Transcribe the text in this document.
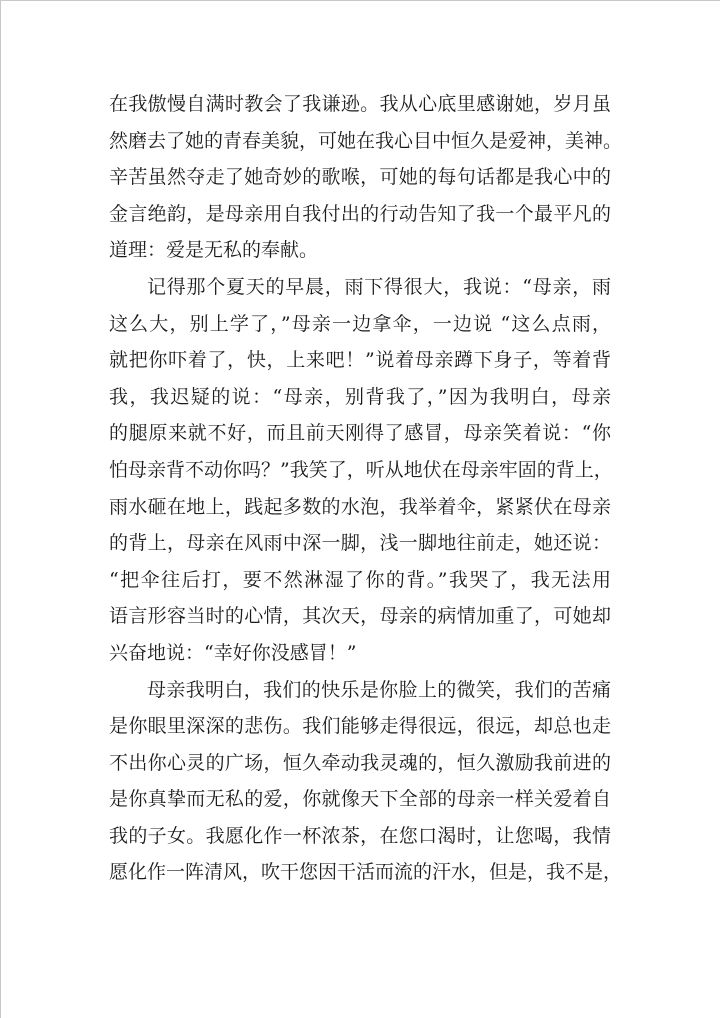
在我傲慢自满时教会了我谦逊。我从心底里感谢她，岁月虽
然磨去了她的青春美貌，可她在我心目中恒久是爱神，美神。
辛苦虽然夺走了她奇妙的歌喉，可她的每句话都是我心中的
金言绝韵，是母亲用自我付出的行动告知了我一个最平凡的
道理：爱是无私的奉献。
记得那个夏天的早晨，雨下得很大，我说：“母亲，雨
这么大，别上学了，”母亲一边拿伞，一边说 “这么点雨，
就把你吓着了，快，上来吧！”说着母亲蹲下身子，等着背
我，我迟疑的说：“母亲，别背我了，”因为我明白，母亲
的腿原来就不好，而且前天刚得了感冒，母亲笑着说：“你
怕母亲背不动你吗？”我笑了，听从地伏在母亲牢固的背上，
雨水砸在地上，践起多数的水泡，我举着伞，紧紧伏在母亲
的背上，母亲在风雨中深一脚，浅一脚地往前走，她还说：
“把伞往后打，要不然淋湿了你的背。”我哭了，我无法用
语言形容当时的心情，其次天，母亲的病情加重了，可她却
兴奋地说：“幸好你没感冒！”
母亲我明白，我们的快乐是你脸上的微笑，我们的苦痛
是你眼里深深的悲伤。我们能够走得很远，很远，却总也走
不出你心灵的广场，恒久牵动我灵魂的，恒久激励我前进的
是你真挚而无私的爱，你就像天下全部的母亲一样关爱着自
我的子女。我愿化作一杯浓茶，在您口渴时，让您喝，我情
愿化作一阵清风，吹干您因干活而流的汗水，但是，我不是，
